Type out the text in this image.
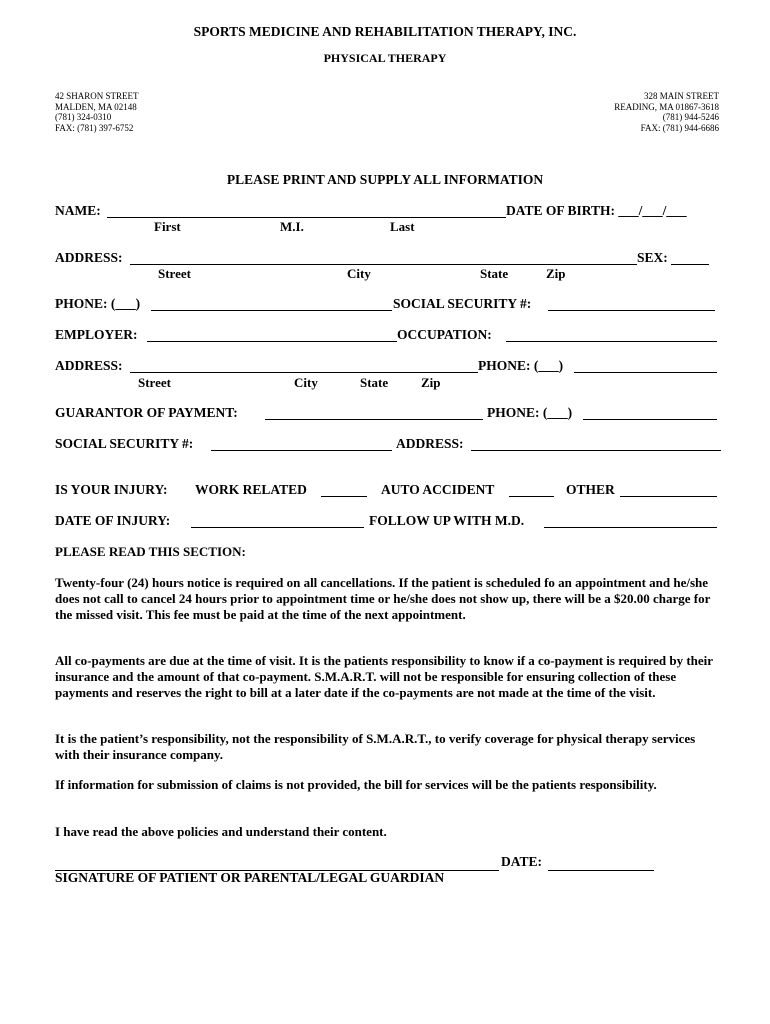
SPORTS MEDICINE AND REHABILITATION THERAPY, INC.
PHYSICAL THERAPY
42 SHARON STREET
MALDEN, MA 02148
(781) 324-0310
FAX: (781) 397-6752
328 MAIN STREET
READING, MA 01867-3618
(781) 944-5246
FAX: (781) 944-6686
PLEASE PRINT AND SUPPLY ALL INFORMATION
NAME:	DATE OF BIRTH: ___/___/___
First	M.I.	Last
ADDRESS:	SEX:
Street	City	State	Zip
PHONE: (___)	SOCIAL SECURITY #:
EMPLOYER:	OCCUPATION:
ADDRESS:	PHONE: (___)
Street	City	State	Zip
GUARANTOR OF PAYMENT:	PHONE: (___)
SOCIAL SECURITY #:	ADDRESS:
IS YOUR INJURY: WORK RELATED	AUTO ACCIDENT	OTHER
DATE OF INJURY:	FOLLOW UP WITH M.D.
PLEASE READ THIS SECTION:
Twenty-four (24) hours notice is required on all cancellations. If the patient is scheduled fo an appointment and he/she does not call to cancel 24 hours prior to appointment time or he/she does not show up, there will be a $20.00 charge for the missed visit. This fee must be paid at the time of the next appointment.
All co-payments are due at the time of visit. It is the patients responsibility to know if a co-payment is required by their insurance and the amount of that co-payment. S.M.A.R.T. will not be responsible for ensuring collection of these payments and reserves the right to bill at a later date if the co-payments are not made at the time of the visit.
It is the patient’s responsibility, not the responsibility of S.M.A.R.T., to verify coverage for physical therapy services with their insurance company.
If information for submission of claims is not provided, the bill for services will be the patients responsibility.
I have read the above policies and understand their content.
DATE:
SIGNATURE OF PATIENT OR PARENTAL/LEGAL GUARDIAN
